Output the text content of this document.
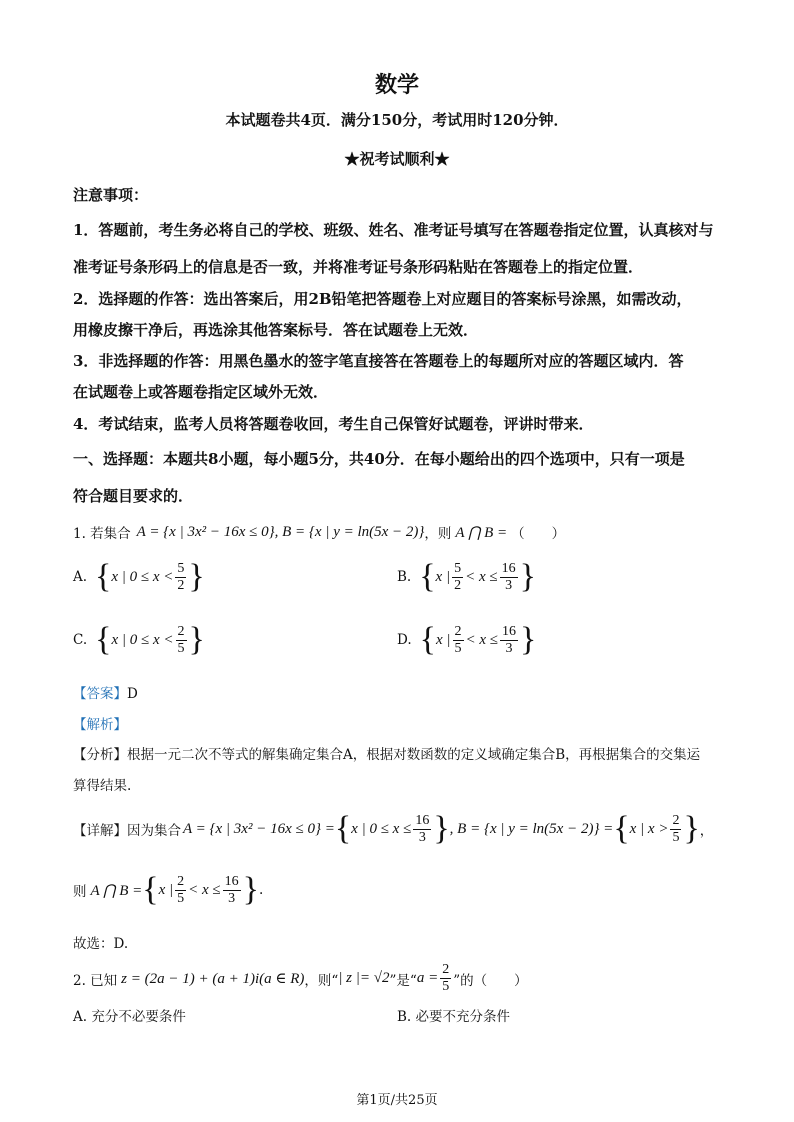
数学
本试题卷共4页．满分150分，考试用时120分钟．
★祝考试顺利★
注意事项：
1．答题前，考生务必将自己的学校、班级、姓名、准考证号填写在答题卷指定位置，认真核对与
准考证号条形码上的信息是否一致，并将准考证号条形码粘贴在答题卷上的指定位置．
2．选择题的作答：选出答案后，用2B铅笔把答题卷上对应题目的答案标号涂黑，如需改动，
用橡皮擦干净后，再选涂其他答案标号．答在试题卷上无效．
3．非选择题的作答：用黑色墨水的签字笔直接答在答题卷上的每题所对应的答题区域内．答
在试题卷上或答题卷指定区域外无效．
4．考试结束，监考人员将答题卷收回，考生自己保管好试题卷，评讲时带来．
一、选择题：本题共8小题，每小题5分，共40分．在每小题给出的四个选项中，只有一项是
符合题目要求的．
1. 若集合 A = {x | 3x² − 16x ≤ 0} , B = {x | y = ln(5x − 2)} ，则 A ⋂ B = （　　）
A. { x | $0 \le x < \frac{5}{2}$ }	B. { x | $\frac{5}{2} < x \le \frac{16}{3}$ }
C. { x | $0 \le x < \frac{2}{5}$ }	D. { x | $\frac{2}{5} < x \le \frac{16}{3}$ }
【答案】D
【解析】
【分析】根据一元二次不等式的解集确定集合A，根据对数函数的定义域确定集合B，再根据集合的交集运
算得结果.
【详解】 因为集合 A = {x | 3x² − 16x ≤ 0} = { x | $0 \le x \le \frac{16}{3}$ } , B = {x | y = ln(5x − 2)} = { x | $x > \frac{2}{5}$ } ，
则 A ⋂ B = { x | $\frac{2}{5} < x \le \frac{16}{3}$ } .
故选：D.
2. 已知 z = (2a − 1) + (a + 1)i(a ∈ R) ，则“ | z |= √2 ”是“ $a = \frac{2}{5}$ ”的（　　）
A. 充分不必要条件	B. 必要不充分条件
第1页/共25页
